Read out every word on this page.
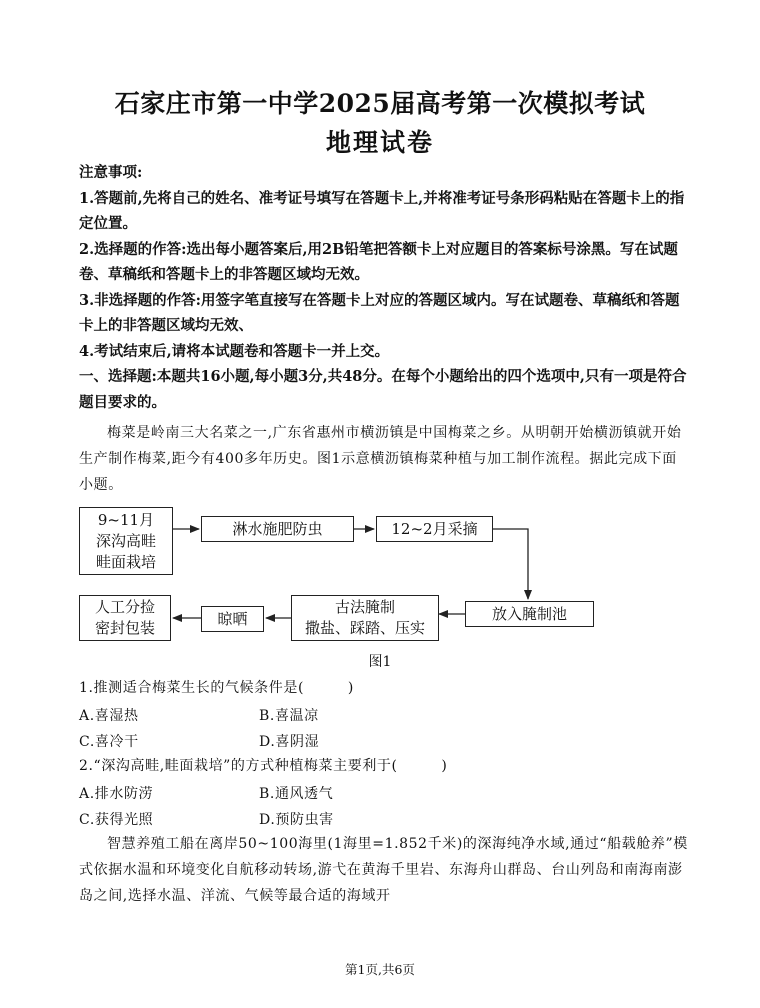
石家庄市第一中学2025届高考第一次模拟考试
地理试卷

注意事项:

1.答题前,先将自己的姓名、准考证号填写在答题卡上,并将准考证号条形码粘贴在答题卡上的指定位置。

2.选择题的作答:选出每小题答案后,用2B铅笔把答额卡上对应题目的答案标号涂黑。写在试题卷、草稿纸和答题卡上的非答题区域均无效。

3.非选择题的作答:用签字笔直接写在答题卡上对应的答题区域内。写在试题卷、草稿纸和答题卡上的非答题区域均无效、

4.考试结束后,请将本试题卷和答题卡一并上交。

一、选择题:本题共16小题,每小题3分,共48分。在每个小题给出的四个选项中,只有一项是符合题目要求的。

梅菜是岭南三大名菜之一,广东省惠州市横沥镇是中国梅菜之乡。从明朝开始横沥镇就开始生产制作梅菜,距今有400多年历史。图1示意横沥镇梅菜种植与加工制作流程。据此完成下面小题。

9~11月
深沟高畦
畦面栽培
淋水施肥防虫	12~2月采摘
放入腌制池
古法腌制
撒盐、踩踏、压实
晾晒
人工分捡
密封包装
图1

1.推测适合梅菜生长的气候条件是(　　　)

A.喜湿热	B.喜温凉
C.喜冷干	D.喜阴湿

2.“深沟高畦,畦面栽培”的方式种植梅菜主要利于(　　　)

A.排水防涝	B.通风透气
C.获得光照	D.预防虫害

智慧养殖工船在离岸50~100海里(1海里=1.852千米)的深海纯净水域,通过“船载舱养”模式依据水温和环境变化自航移动转场,游弋在黄海千里岩、东海舟山群岛、台山列岛和南海南澎岛之间,选择水温、洋流、气候等最合适的海域开

第1页,共6页
